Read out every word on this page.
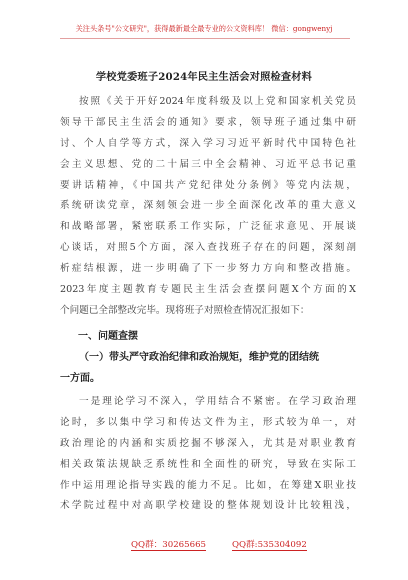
关注头条号"公文研究"，获得最新最全最专业的公文资料库！ 微信：gongwenyj
学校党委班子2024年民主生活会对照检查材料
按照《关于开好2024年度科级及以上党和国家机关党员
领导干部民主生活会的通知》要求，领导班子通过集中研
讨、个人自学等方式，深入学习习近平新时代中国特色社
会主义思想、党的二十届三中全会精神、习近平总书记重
要讲话精神，《中国共产党纪律处分条例》等党内法规，
系统研读党章，深刻领会进一步全面深化改革的重大意义
和战略部署，紧密联系工作实际，广泛征求意见、开展谈
心谈话，对照5个方面，深入查找班子存在的问题，深刻剖
析症结根源，进一步明确了下一步努力方向和整改措施。
2023年度主题教育专题民主生活会查摆问题X个方面的X
个问题已全部整改完毕。现将班子对照检查情况汇报如下：
一、问题查摆
（一）带头严守政治纪律和政治规矩，维护党的团结统
一方面。
一是理论学习不深入，学用结合不紧密。在学习政治理
论时，多以集中学习和传达文件为主，形式较为单一，对
政治理论的内涵和实质挖掘不够深入，尤其是对职业教育
相关政策法规缺乏系统性和全面性的研究，导致在实际工
作中运用理论指导实践的能力不足。比如，在筹建X职业技
术学院过程中对高职学校建设的整体规划设计比较粗浅，
QQ群：30265665	QQ群:535304092
